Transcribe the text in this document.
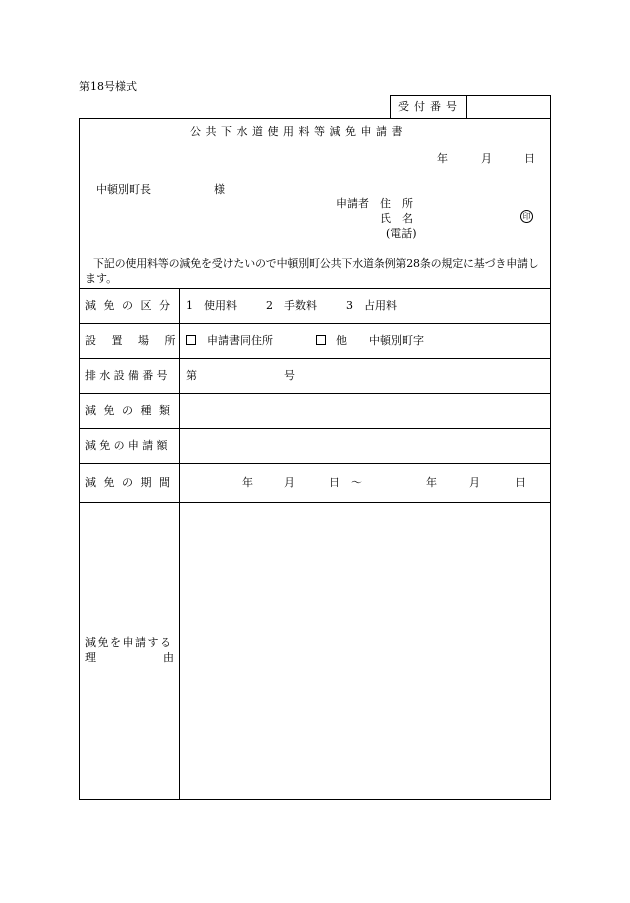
第18号様式
受付番号
公共下水道使用料等減免申請書
年	月	日
中頓別町長	様
申請者 住　所
氏　名	印
(電話)
下記の使用料等の減免を受けたいので中頓別町公共下水道条例第28条の規定に基づき申請し
ます。
減免の区分 1　使用料	2　手数料	3　占用料
設置場所 申請書同住所	他 中頓別町字
排水設備番号 第	号
減免の種類
減免の申請額
減免の期間	年	月	日 ～	年	月	日
減免を申請する
理	由
